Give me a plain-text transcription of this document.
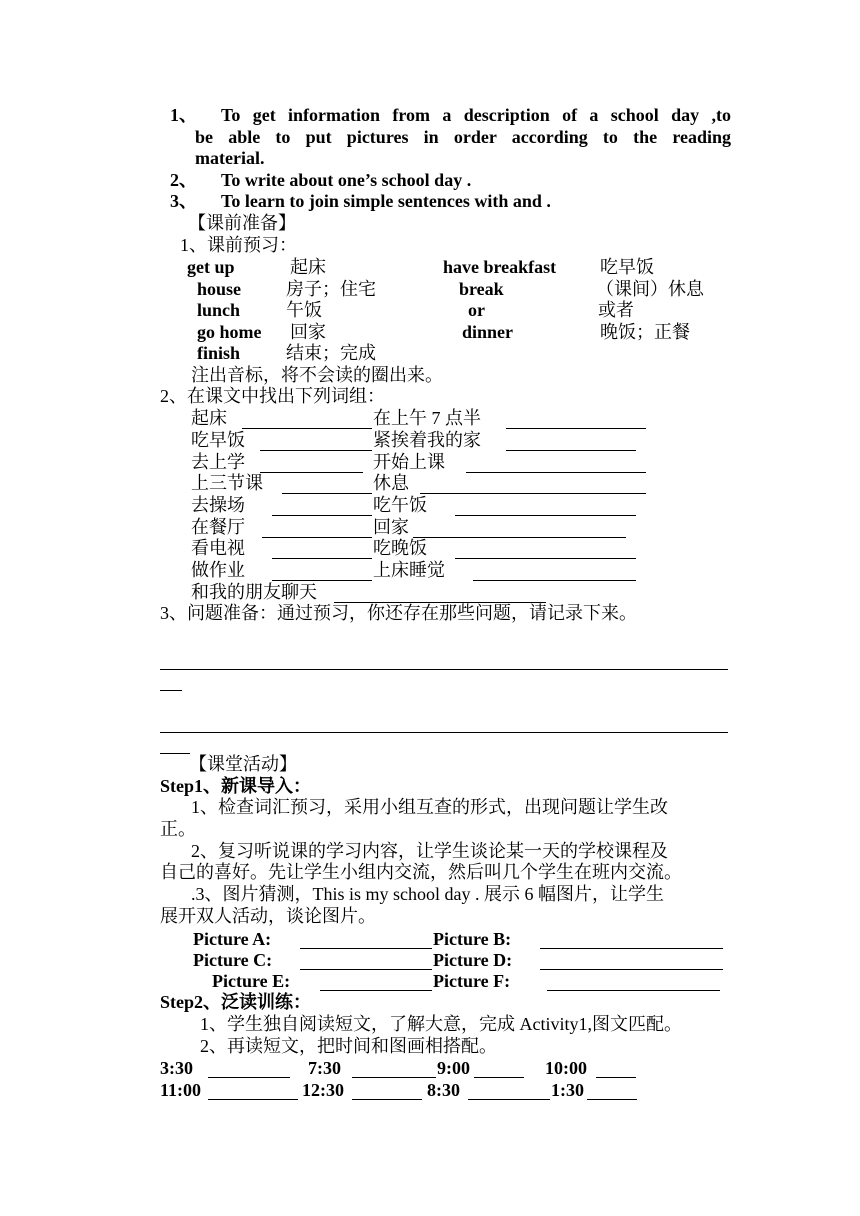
1、 To get information from a description of a school day ,to
be able to put pictures in order according to the reading
material.
2、 To write about one’s school day .
3、 To learn to join simple sentences with and .
【课前准备】
1、课前预习：
get up	起床	have breakfast 吃早饭
house 房子；住宅	break	（课间）休息
lunch	午饭	or	或者
go home 回家	dinner	晚饭；正餐
finish	结束；完成
注出音标，将不会读的圈出来。
2、在课文中找出下列词组：
起床	在上午 7 点半
吃早饭	紧挨着我的家
去上学	开始上课
上三节课	休息
去操场	吃午饭
在餐厅	回家
看电视	吃晚饭
做作业	上床睡觉
和我的朋友聊天
3、问题准备：通过预习，你还存在那些问题，请记录下来。
【课堂活动】
Step1、新课导入：
1、检查词汇预习，采用小组互查的形式，出现问题让学生改
正。
2、复习听说课的学习内容，让学生谈论某一天的学校课程及
自己的喜好。先让学生小组内交流，然后叫几个学生在班内交流。
.3、图片猜测，This is my school day . 展示 6 幅图片，让学生
展开双人活动，谈论图片。
Picture A:	Picture B:
Picture C:	Picture D:
Picture E:	Picture F:
Step2、泛读训练：
1、学生独自阅读短文，了解大意，完成 Activity1,图文匹配。
2、再读短文，把时间和图画相搭配。
3:30	7:30	9:00	10:00
11:00	12:30	8:30	1:30
